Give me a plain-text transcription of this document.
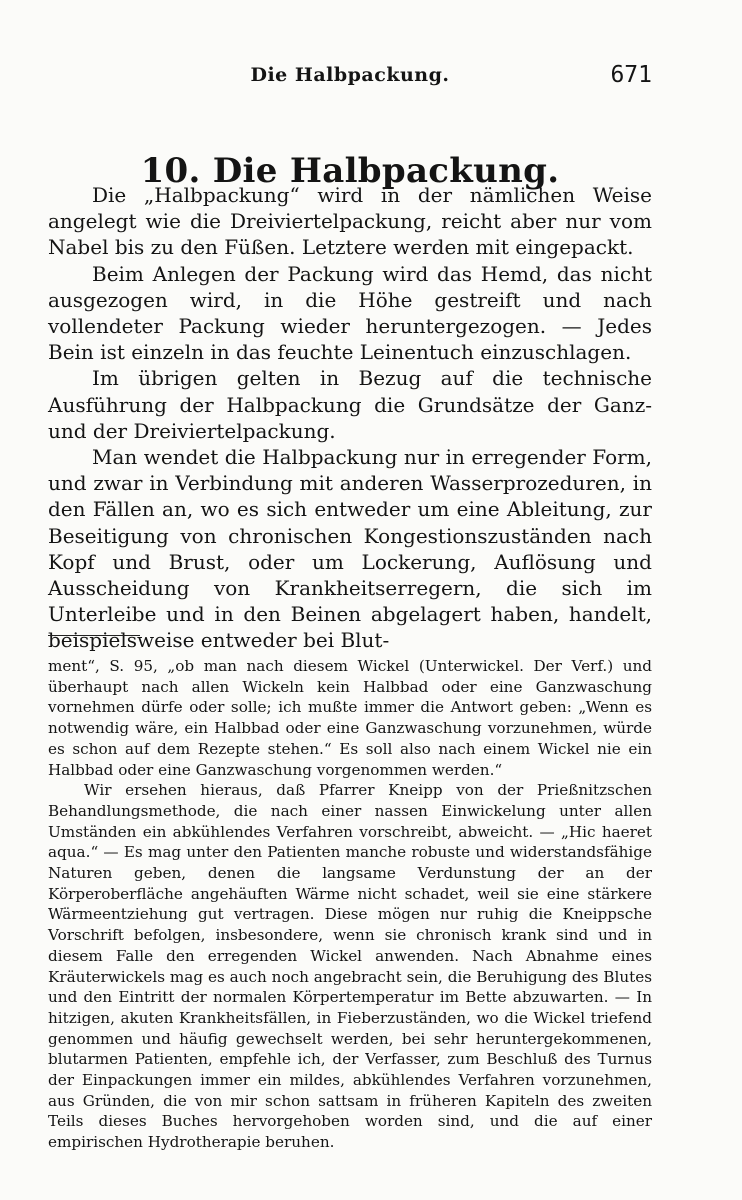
Die Halbpackung.	671
10. Die Halbpackung.

Die „Halbpackung“ wird in der nämlichen Weise angelegt wie die Dreiviertelpackung, reicht aber nur vom Nabel bis zu den Füßen. Letztere werden mit eingepackt.

Beim Anlegen der Packung wird das Hemd, das nicht ausgezogen wird, in die Höhe gestreift und nach vollendeter Packung wieder heruntergezogen. — Jedes Bein ist einzeln in das feuchte Leinentuch einzuschlagen.

Im übrigen gelten in Bezug auf die technische Ausführung der Halbpackung die Grundsätze der Ganz- und der Dreiviertelpackung.

Man wendet die Halbpackung nur in erregender Form, und zwar in Verbindung mit anderen Wasserprozeduren, in den Fällen an, wo es sich entweder um eine Ableitung, zur Beseitigung von chronischen Kongestionszuständen nach Kopf und Brust, oder um Lockerung, Auflösung und Ausscheidung von Krankheitserregern, die sich im Unterleibe und in den Beinen abgelagert haben, handelt, beispielsweise entweder bei Blut-

ment“, S. 95, „ob man nach diesem Wickel (Unterwickel. Der Verf.) und überhaupt nach allen Wickeln kein Halbbad oder eine Ganzwaschung vornehmen dürfe oder solle; ich mußte immer die Antwort geben: „Wenn es notwendig wäre, ein Halbbad oder eine Ganzwaschung vorzunehmen, würde es schon auf dem Rezepte stehen.“ Es soll also nach einem Wickel nie ein Halbbad oder eine Ganzwaschung vorgenommen werden.“

Wir ersehen hieraus, daß Pfarrer Kneipp von der Prießnitzschen Behandlungsmethode, die nach einer nassen Einwickelung unter allen Umständen ein abkühlendes Verfahren vorschreibt, abweicht. — „Hic haeret aqua.“ — Es mag unter den Patienten manche robuste und widerstandsfähige Naturen geben, denen die langsame Verdunstung der an der Körperoberfläche angehäuften Wärme nicht schadet, weil sie eine stärkere Wärmeentziehung gut vertragen. Diese mögen nur ruhig die Kneippsche Vorschrift befolgen, insbesondere, wenn sie chronisch krank sind und in diesem Falle den erregenden Wickel anwenden. Nach Abnahme eines Kräuterwickels mag es auch noch angebracht sein, die Beruhigung des Blutes und den Eintritt der normalen Körpertemperatur im Bette abzuwarten. — In hitzigen, akuten Krankheitsfällen, in Fieberzuständen, wo die Wickel triefend genommen und häufig gewechselt werden, bei sehr heruntergekommenen, blutarmen Patienten, empfehle ich, der Verfasser, zum Beschluß des Turnus der Einpackungen immer ein mildes, abkühlendes Verfahren vorzunehmen, aus Gründen, die von mir schon sattsam in früheren Kapiteln des zweiten Teils dieses Buches hervorgehoben worden sind, und die auf einer empirischen Hydrotherapie beruhen.
